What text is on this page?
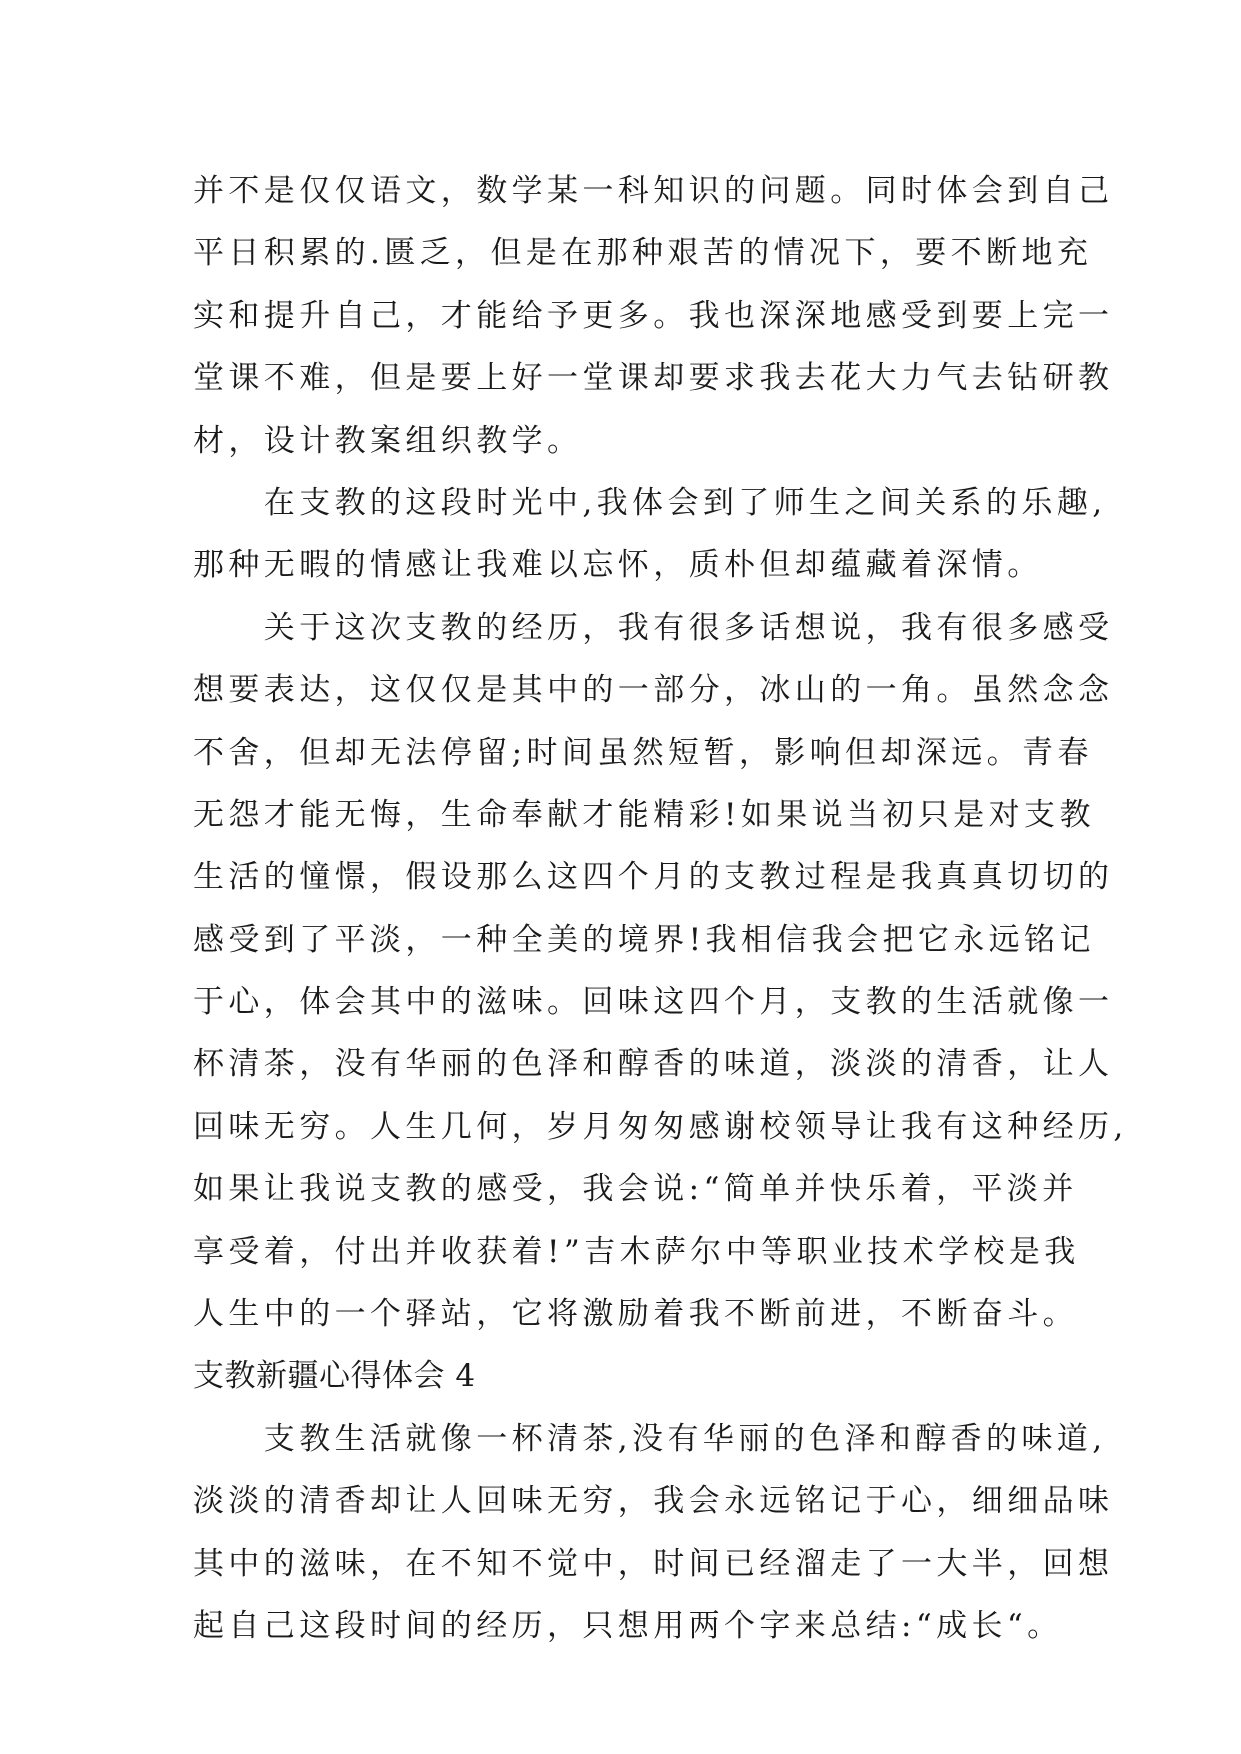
并不是仅仅语文，数学某一科知识的问题。同时体会到自己
平日积累的.匮乏，但是在那种艰苦的情况下，要不断地充
实和提升自己，才能给予更多。我也深深地感受到要上完一
堂课不难，但是要上好一堂课却要求我去花大力气去钻研教
材，设计教案组织教学。
　　在支教的这段时光中,我体会到了师生之间关系的乐趣,
那种无暇的情感让我难以忘怀，质朴但却蕴藏着深情。
　　关于这次支教的经历，我有很多话想说，我有很多感受
想要表达，这仅仅是其中的一部分，冰山的一角。虽然念念
不舍，但却无法停留;时间虽然短暂，影响但却深远。青春
无怨才能无悔，生命奉献才能精彩!如果说当初只是对支教
生活的憧憬，假设那么这四个月的支教过程是我真真切切的
感受到了平淡，一种全美的境界!我相信我会把它永远铭记
于心，体会其中的滋味。回味这四个月，支教的生活就像一
杯清茶，没有华丽的色泽和醇香的味道，淡淡的清香，让人
回味无穷。人生几何，岁月匆匆感谢校领导让我有这种经历,
如果让我说支教的感受，我会说:“简单并快乐着，平淡并
享受着，付出并收获着!”吉木萨尔中等职业技术学校是我
人生中的一个驿站，它将激励着我不断前进，不断奋斗。
支教新疆心得体会 4
　　支教生活就像一杯清茶,没有华丽的色泽和醇香的味道,
淡淡的清香却让人回味无穷，我会永远铭记于心，细细品味
其中的滋味，在不知不觉中，时间已经溜走了一大半，回想
起自己这段时间的经历，只想用两个字来总结:“成长“。
